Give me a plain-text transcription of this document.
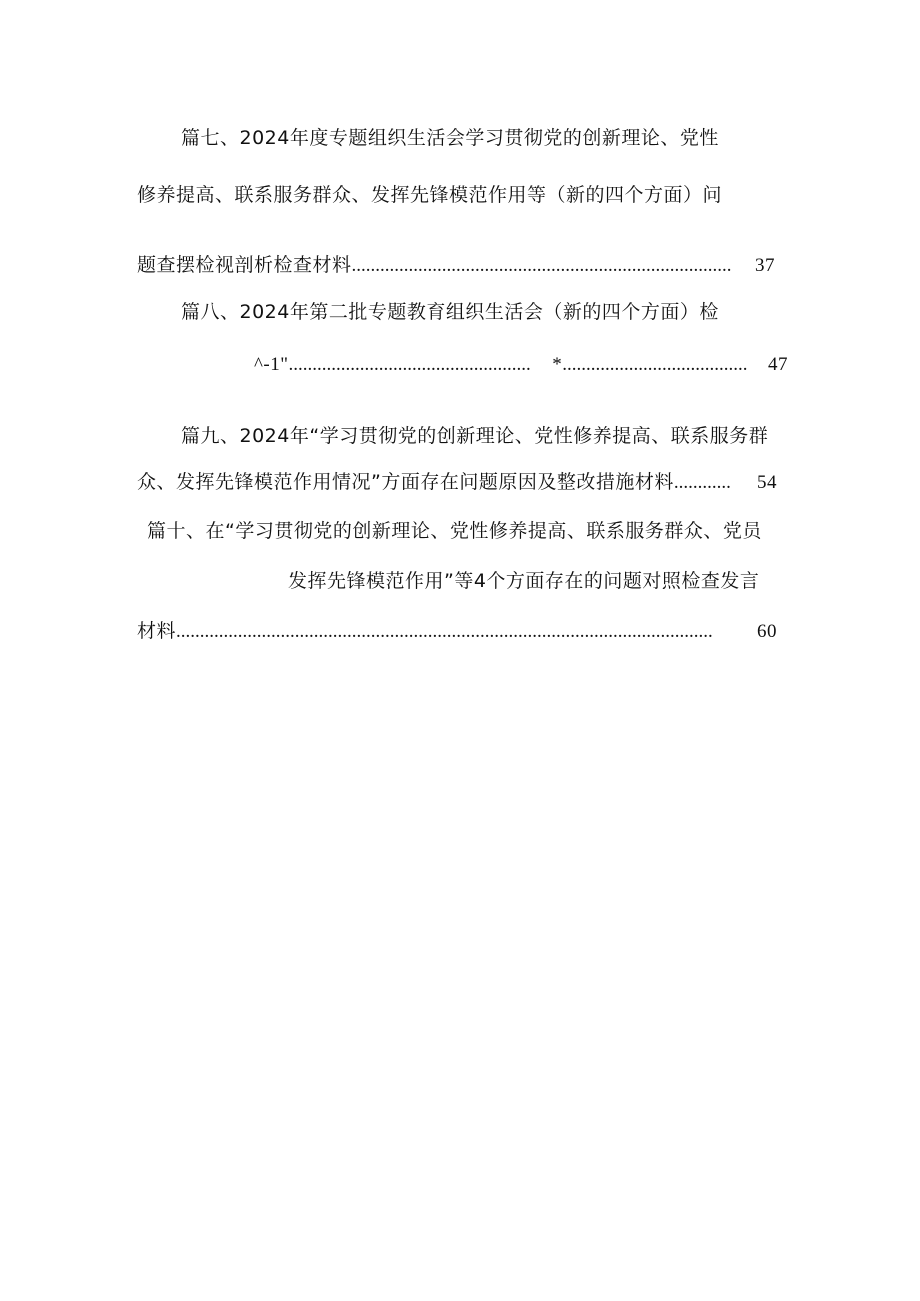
篇七、2024年度专题组织生活会学习贯彻党的创新理论、党性
修养提高、联系服务群众、发挥先锋模范作用等（新的四个方面）问
题查摆检视剖析检查材料 ................................................................................	37
篇八、2024年第二批专题教育组织生活会（新的四个方面）检
^-1" ...................................................	* .......................................	47
篇九、2024年“学习贯彻党的创新理论、党性修养提高、联系服务群
众、发挥先锋模范作用情况”方面存在问题原因及整改措施材料 ............	54
篇十、在“学习贯彻党的创新理论、党性修养提高、联系服务群众、党员
发挥先锋模范作用”等4个方面存在的问题对照检查发言
材料 .................................................................................................................	60
